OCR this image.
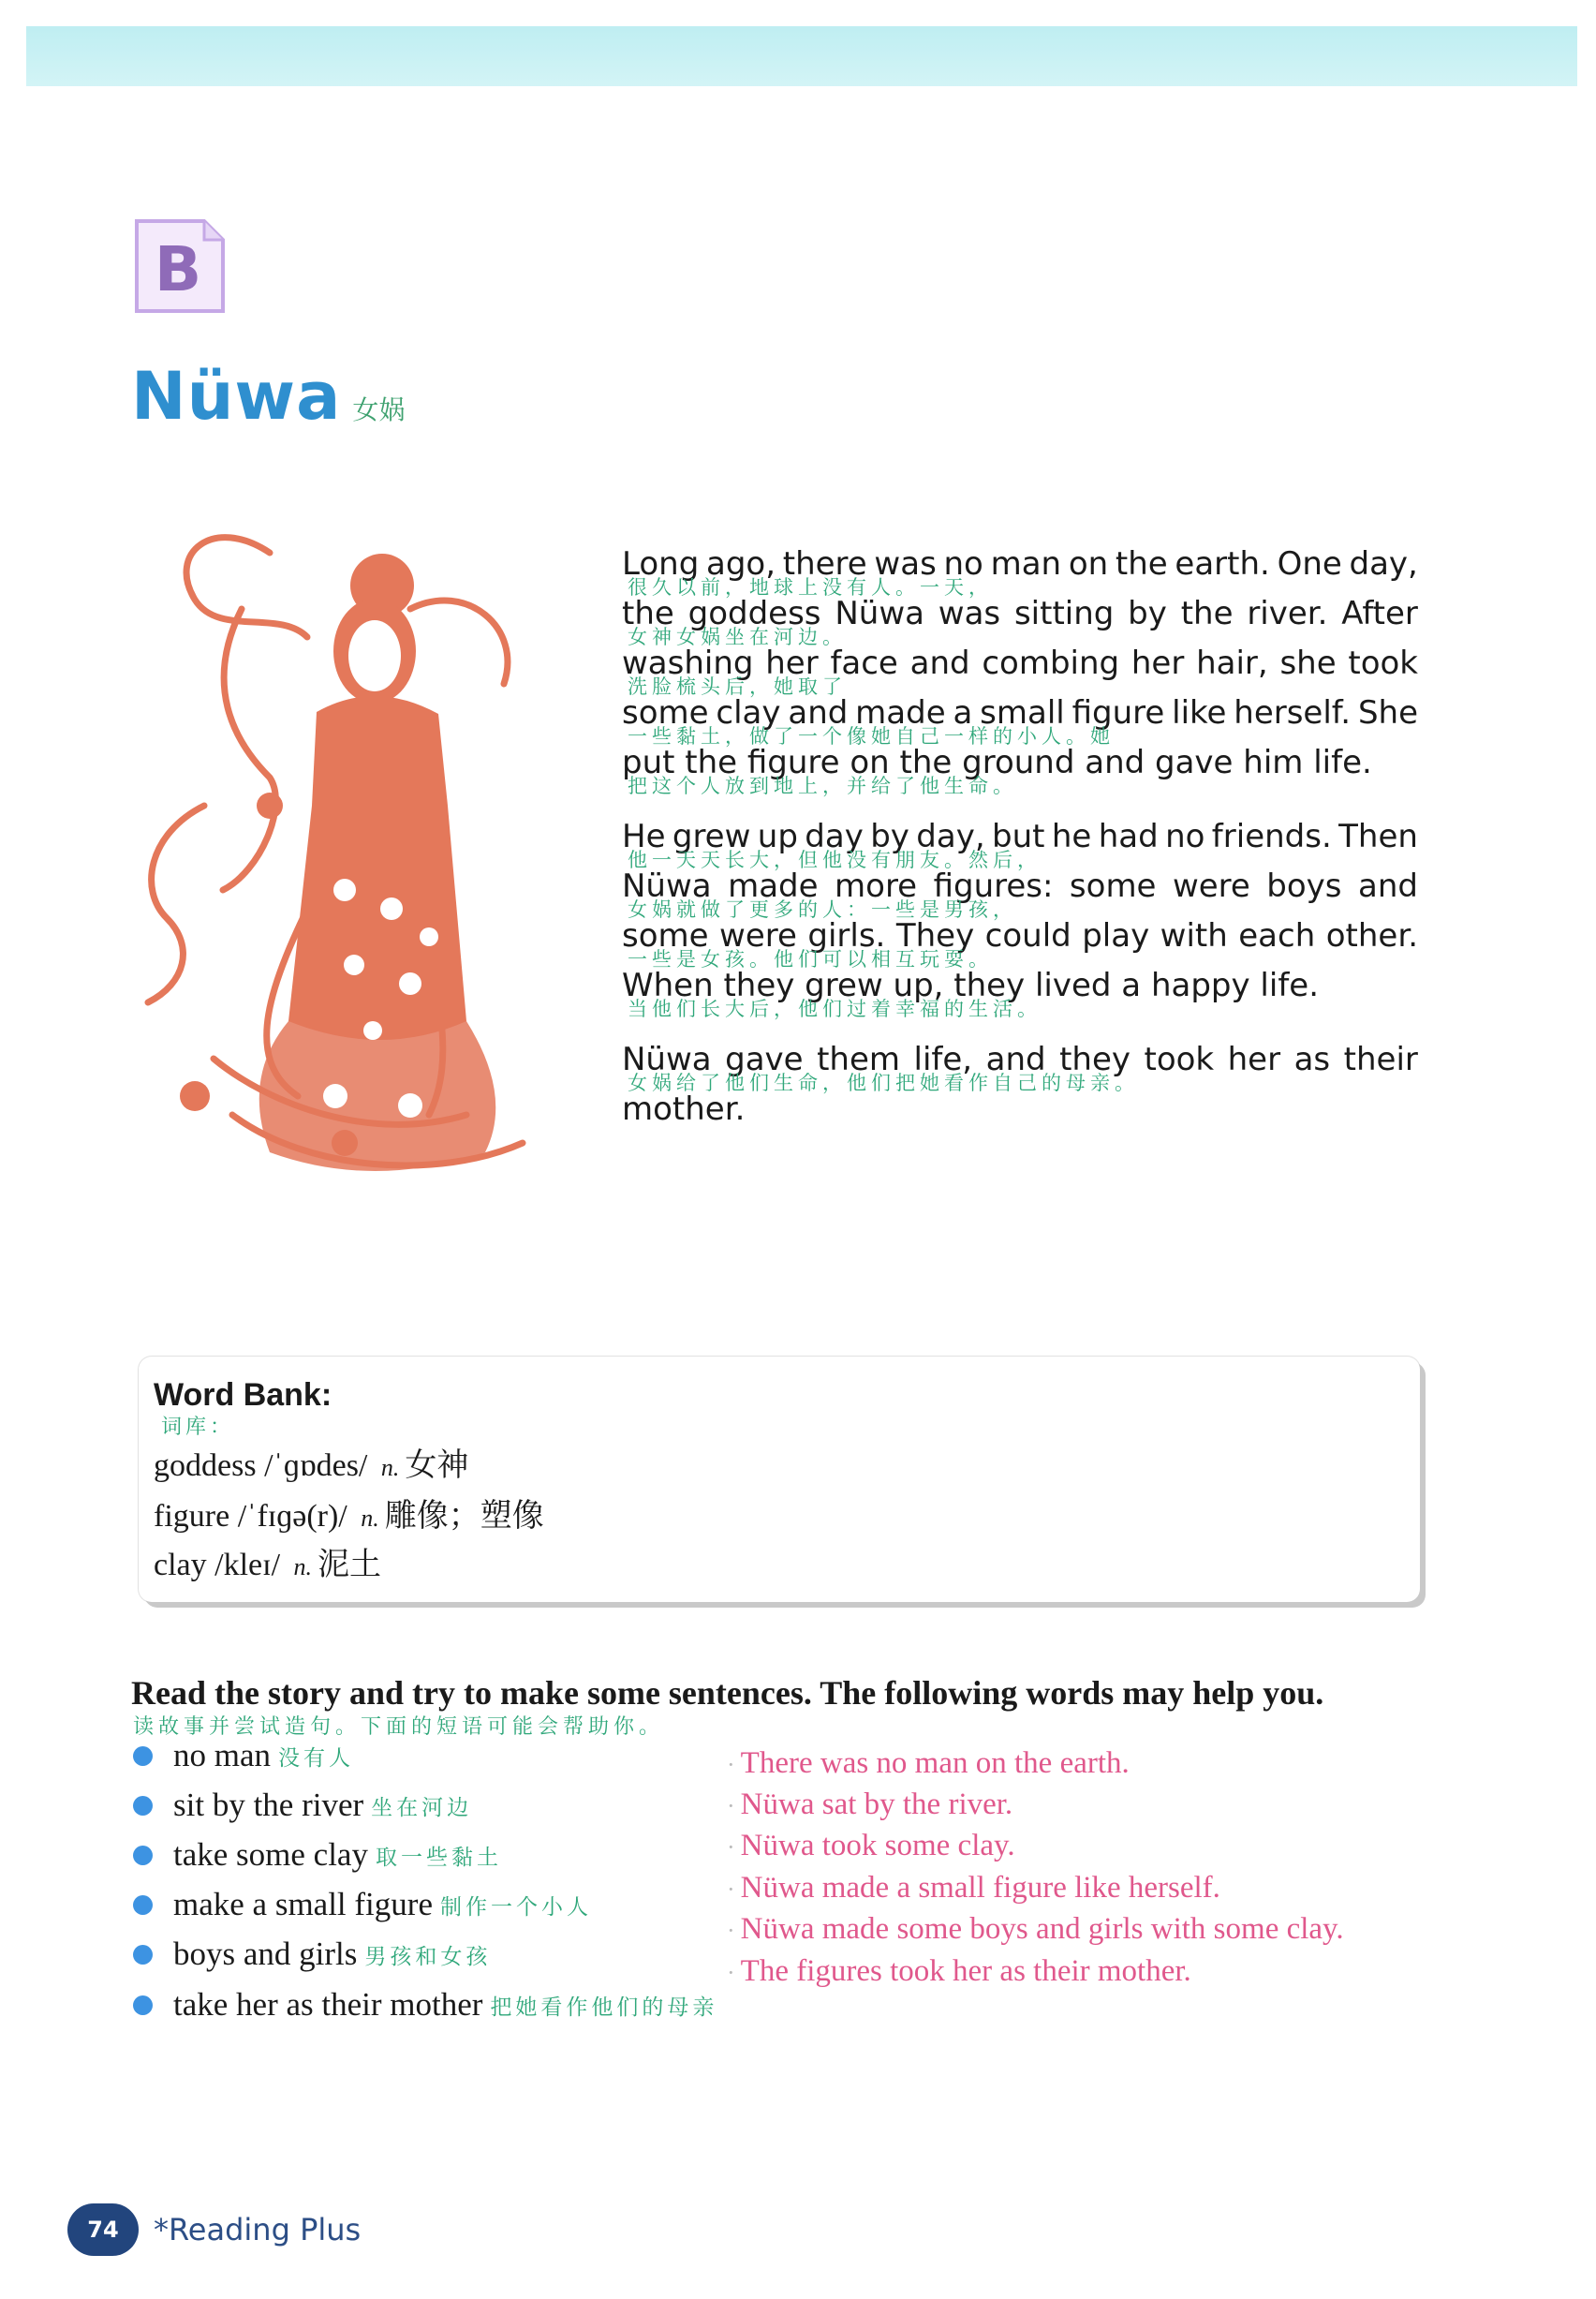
B
Nüwa 女娲
Long ago, there was no man on the earth. One day,
很久以前，地球上没有人。一天，
the goddess Nüwa was sitting by the river. After
女神女娲坐在河边。
washing her face and combing her hair, she took
洗脸梳头后，她取了
some clay and made a small figure like herself. She
一些黏土，做了一个像她自己一样的小人。她
put the figure on the ground and gave him life.
把这个人放到地上，并给了他生命。
He grew up day by day, but he had no friends. Then
他一天天长大，但他没有朋友。然后，
Nüwa made more figures: some were boys and
女娲就做了更多的人：一些是男孩，
some were girls. They could play with each other.
一些是女孩。他们可以相互玩耍。
When they grew up, they lived a happy life.
当他们长大后，他们过着幸福的生活。
Nüwa gave them life, and they took her as their
女娲给了他们生命，他们把她看作自己的母亲。
mother.
Word Bank:
词库：
goddess /ˈɡɒdes/ n. 女神
figure /ˈfɪɡə(r)/ n. 雕像；塑像
clay /kleɪ/ n. 泥土
Read the story and try to make some sentences. The following words may help you.
读故事并尝试造句。下面的短语可能会帮助你。
no man 没有人
sit by the river 坐在河边
take some clay 取一些黏土
make a small figure 制作一个小人
boys and girls 男孩和女孩
take her as their mother 把她看作他们的母亲
· There was no man on the earth.
· Nüwa sat by the river.
· Nüwa took some clay.
· Nüwa made a small figure like herself.
· Nüwa made some boys and girls with some clay.
· The figures took her as their mother.
74	*Reading Plus
